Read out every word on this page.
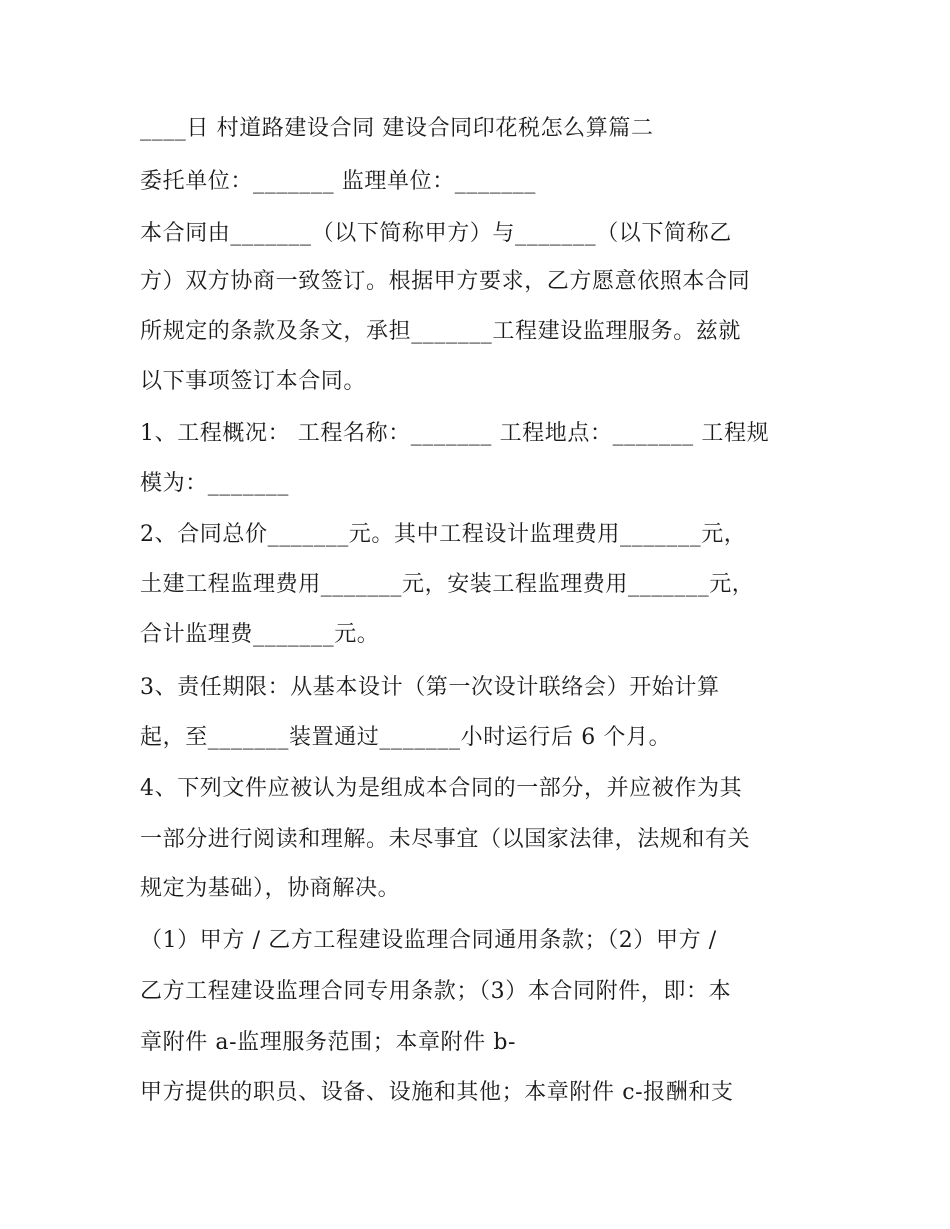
____日 村道路建设合同 建设合同印花税怎么算篇二
委托单位：_______ 监理单位：_______
本合同由_______（以下简称甲方）与_______（以下简称乙
方）双方协商一致签订。根据甲方要求，乙方愿意依照本合同
所规定的条款及条文，承担_______工程建设监理服务。兹就
以下事项签订本合同。
1、工程概况： 工程名称：_______ 工程地点：_______ 工程规
模为：_______
2、合同总价_______元。其中工程设计监理费用_______元，
土建工程监理费用_______元，安装工程监理费用_______元，
合计监理费_______元。
3、责任期限：从基本设计（第一次设计联络会）开始计算
起，至_______装置通过_______小时运行后 6 个月。
4、下列文件应被认为是组成本合同的一部分，并应被作为其
一部分进行阅读和理解。未尽事宜（以国家法律，法规和有关
规定为基础），协商解决。
（1）甲方 / 乙方工程建设监理合同通用条款；（2）甲方 /
乙方工程建设监理合同专用条款；（3）本合同附件，即：本
章附件 a-监理服务范围；本章附件 b-
甲方提供的职员、设备、设施和其他；本章附件 c-报酬和支
